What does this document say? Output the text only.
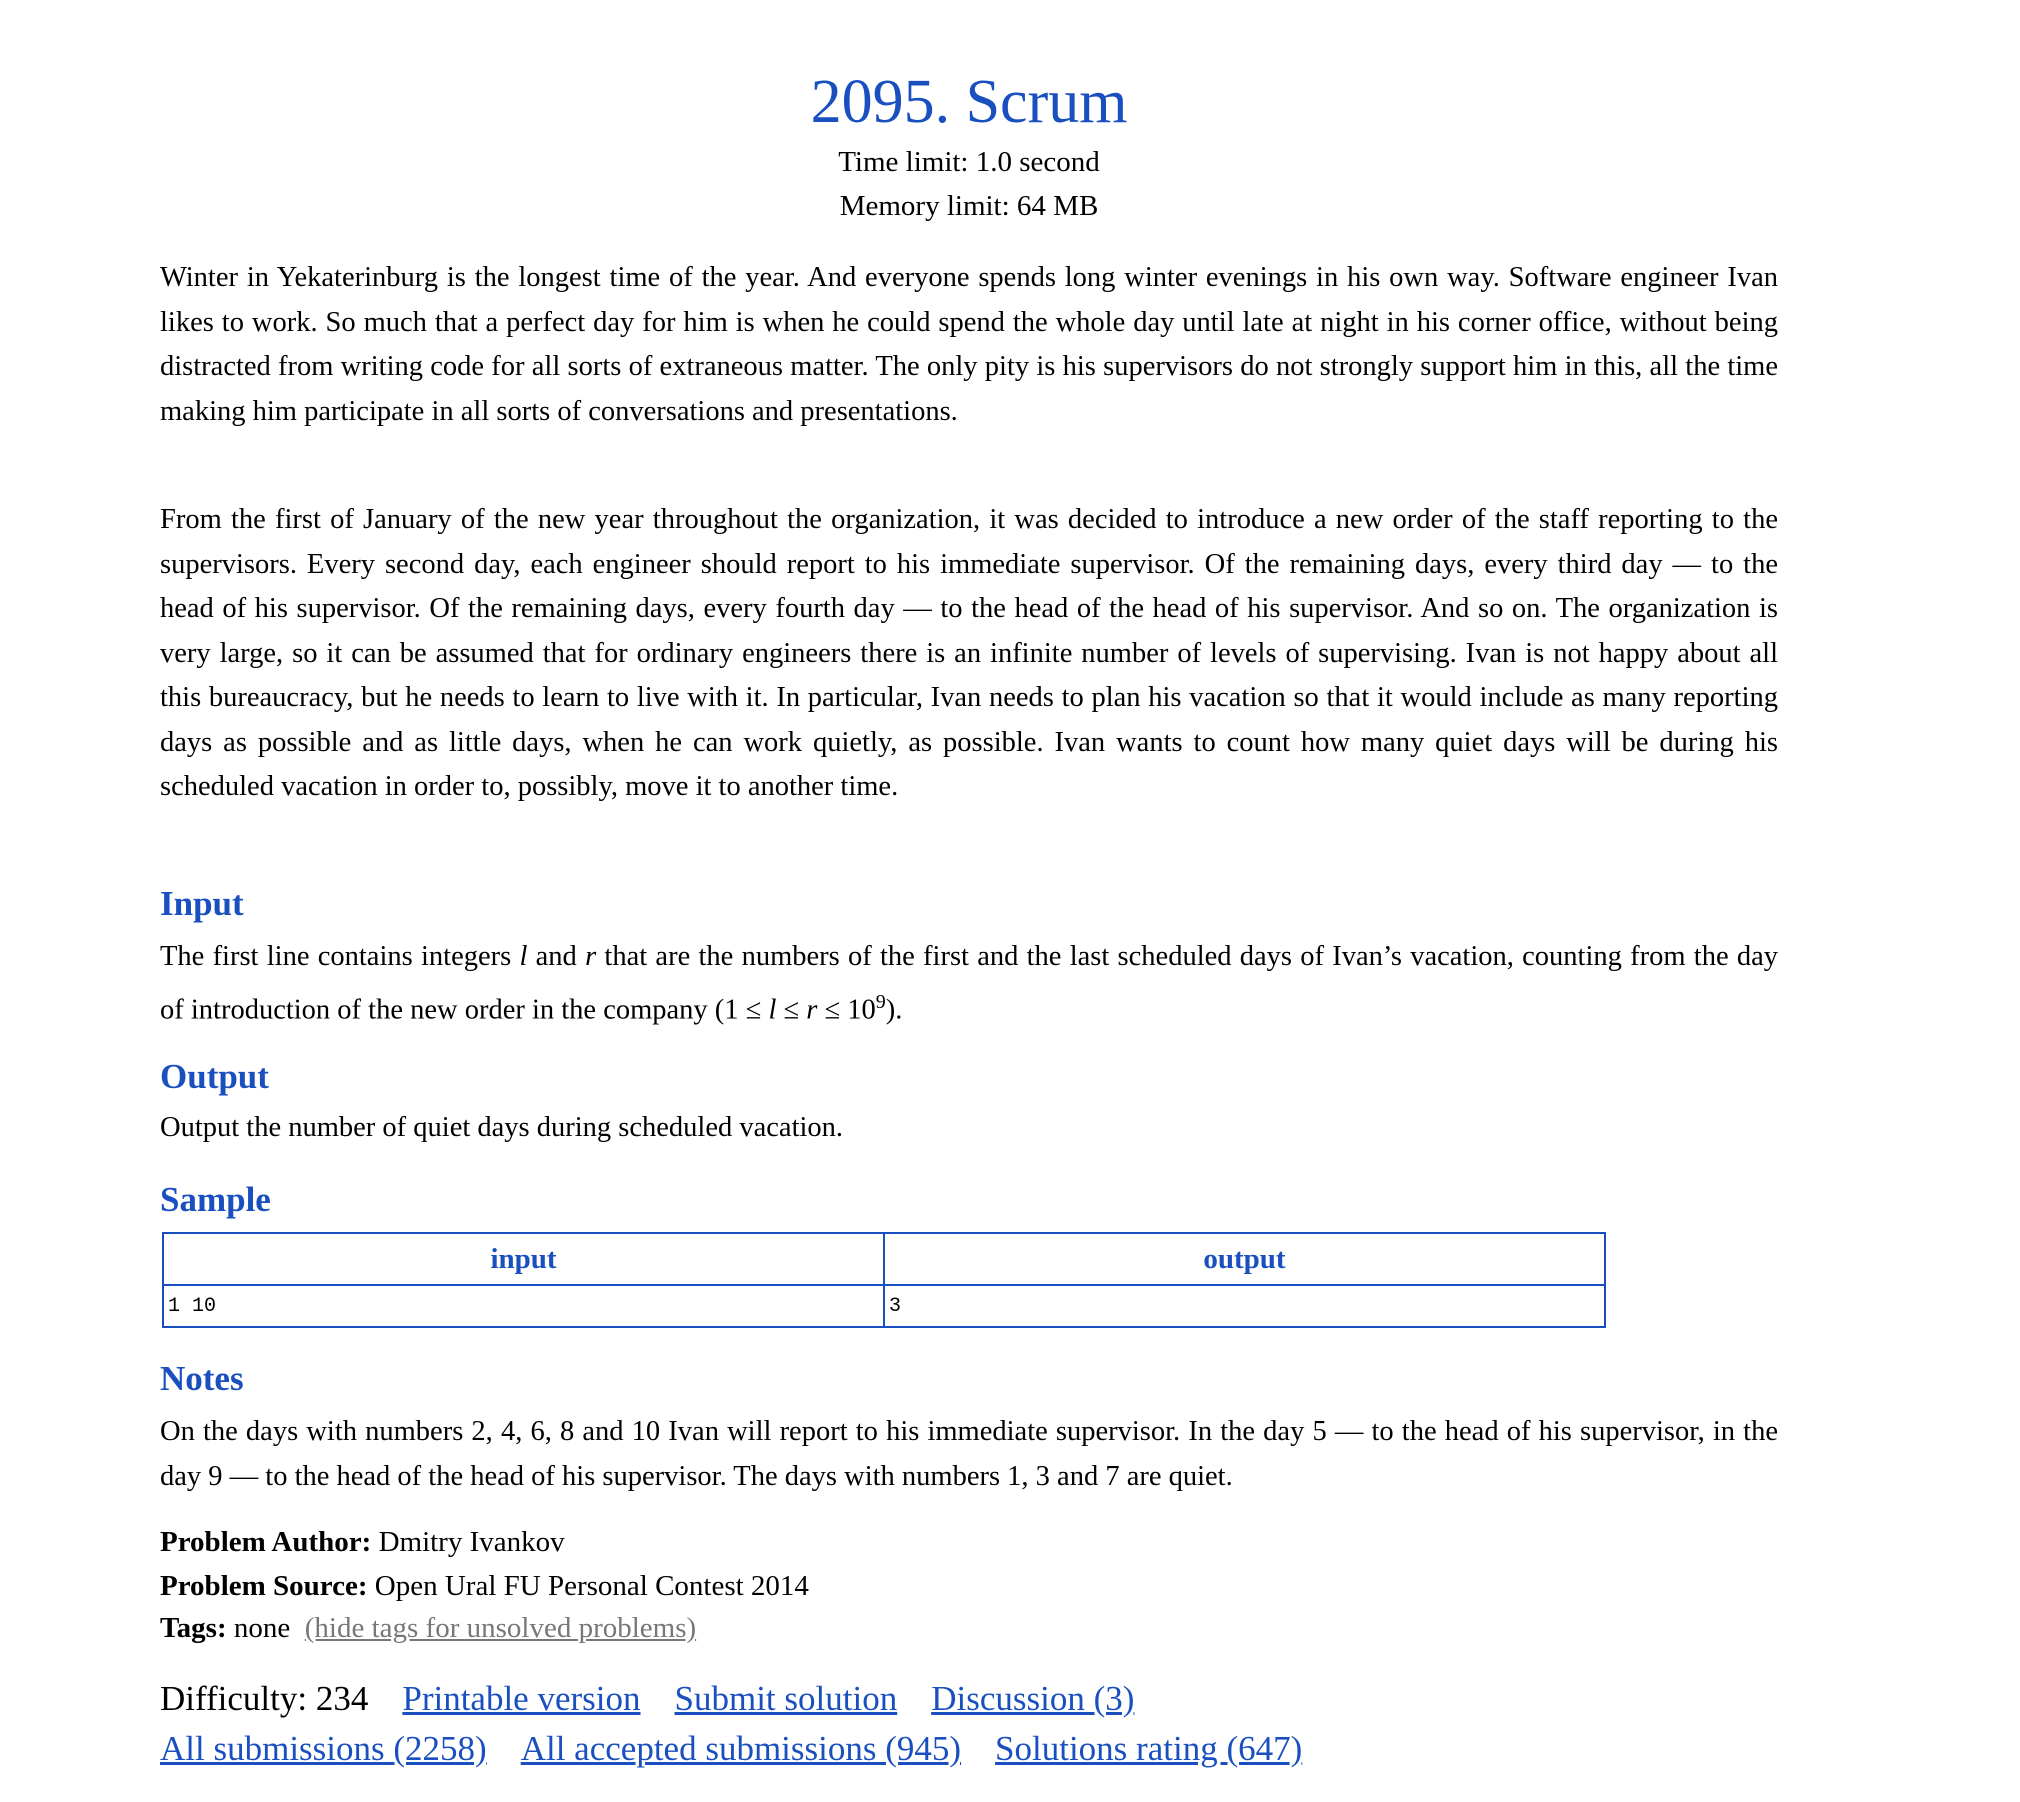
2095. Scrum
Time limit: 1.0 second
Memory limit: 64 MB

Winter in Yekaterinburg is the longest time of the year. And everyone spends long winter evenings in his own way. Software engineer Ivan likes to work. So much that a perfect day for him is when he could spend the whole day until late at night in his corner office, without being distracted from writing code for all sorts of extraneous matter. The only pity is his supervisors do not strongly support him in this, all the time making him participate in all sorts of conversations and presentations.

From the first of January of the new year throughout the organization, it was decided to introduce a new order of the staff reporting to the supervisors. Every second day, each engineer should report to his immediate supervisor. Of the remaining days, every third day — to the head of his supervisor. Of the remaining days, every fourth day — to the head of the head of his supervisor. And so on. The organization is very large, so it can be assumed that for ordinary engineers there is an infinite number of levels of supervising. Ivan is not happy about all this bureaucracy, but he needs to learn to live with it. In particular, Ivan needs to plan his vacation so that it would include as many reporting days as possible and as little days, when he can work quietly, as possible. Ivan wants to count how many quiet days will be during his scheduled vacation in order to, possibly, move it to another time.

Input

The first line contains integers l and r that are the numbers of the first and the last scheduled days of Ivan’s vacation, counting from the day of introduction of the new order in the company $(1 \le l \le r \le 10^9)$.

Output

Output the number of quiet days during scheduled vacation.

Sample
input	output
1 10	3
Notes

On the days with numbers 2, 4, 6, 8 and 10 Ivan will report to his immediate supervisor. In the day 5 — to the head of his supervisor, in the day 9 — to the head of the head of his supervisor. The days with numbers 1, 3 and 7 are quiet.

Problem Author: Dmitry Ivankov
Problem Source: Open Ural FU Personal Contest 2014
Tags: none (hide tags for unsolved problems)
Difficulty: 234 Printable version Submit solution Discussion (3)
All submissions (2258) All accepted submissions (945) Solutions rating (647)
